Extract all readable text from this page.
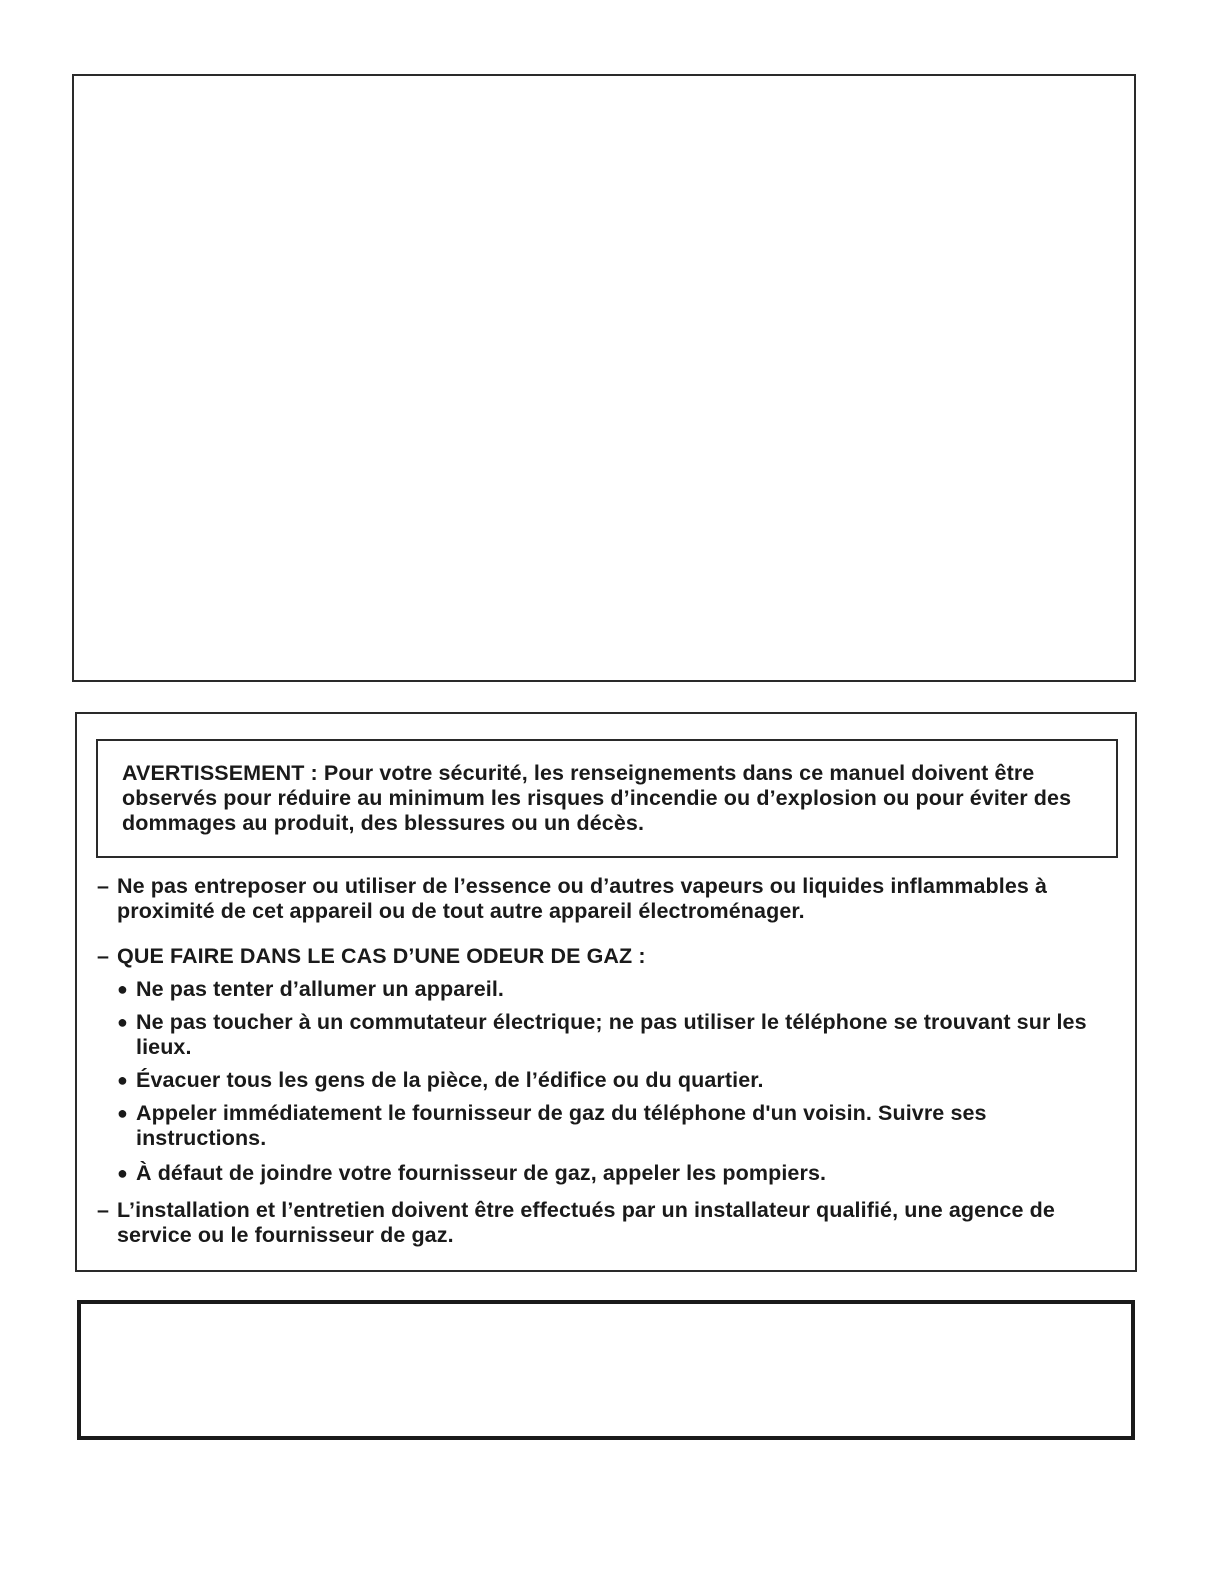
AVERTISSEMENT : Pour votre sécurité, les renseignements dans ce manuel doivent être observés pour réduire au minimum les risques d’incendie ou d’explosion ou pour éviter des dommages au produit, des blessures ou un décès.

– Ne pas entreposer ou utiliser de l’essence ou d’autres vapeurs ou liquides inflammables à proximité de cet appareil ou de tout autre appareil électroménager.
– QUE FAIRE DANS LE CAS D’UNE ODEUR DE GAZ :
● Ne pas tenter d’allumer un appareil.
● Ne pas toucher à un commutateur électrique; ne pas utiliser le téléphone se trouvant sur les lieux.
● Évacuer tous les gens de la pièce, de l’édifice ou du quartier.
● Appeler immédiatement le fournisseur de gaz du téléphone d'un voisin. Suivre ses instructions.
● À défaut de joindre votre fournisseur de gaz, appeler les pompiers.
– L’installation et l’entretien doivent être effectués par un installateur qualifié, une agence de service ou le fournisseur de gaz.
